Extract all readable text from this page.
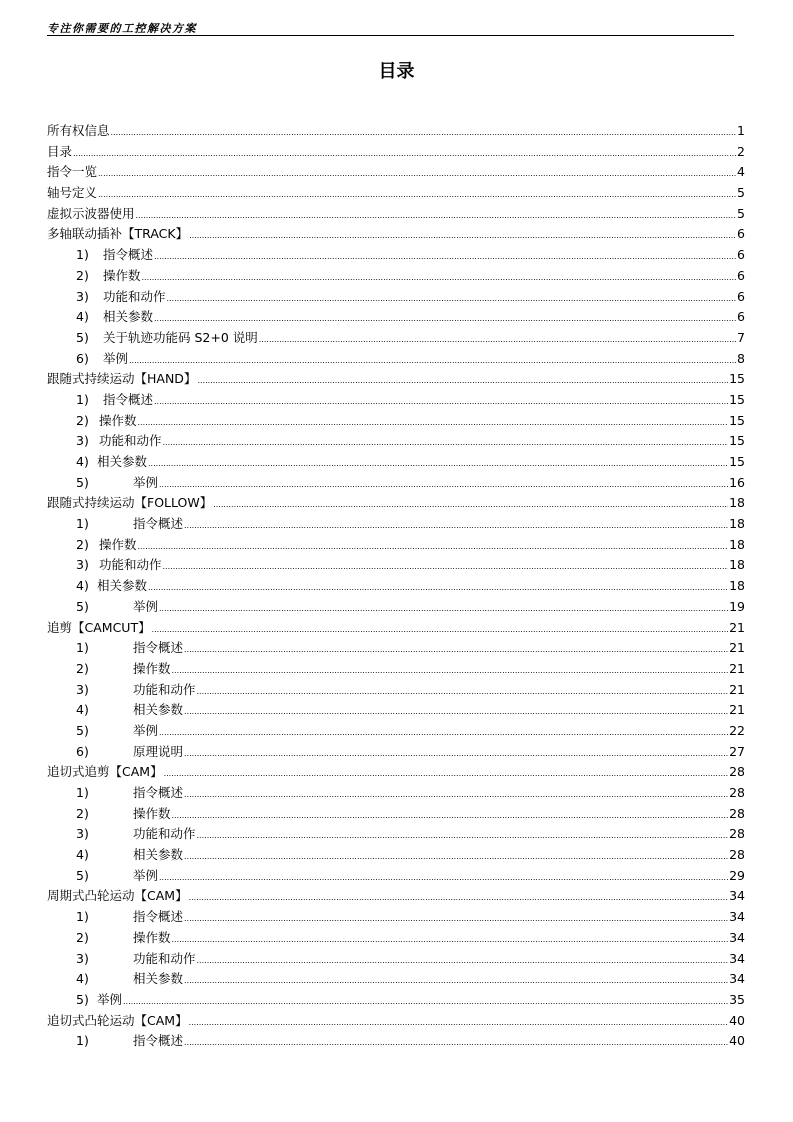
专注你需要的工控解决方案
目录
所有权信息 .....	1
目录 .....	2
指令一览 .....	4
轴号定义 .....	5
虚拟示波器使用 .....	5
多轴联动插补【TRACK】 .....	6
1)	指令概述 .....	6
2)	操作数 .....	6
3)	功能和动作 .....	6
4)	相关参数 .....	6
5)	关于轨迹功能码 S2+0 说明 .....	7
6)	举例 .....	8
跟随式持续运动【HAND】 .....	15
1)	指令概述 .....	15
2) 操作数 .....	15
3) 功能和动作 .....	15
4) 相关参数 .....	15
5)	举例 .....	16
跟随式持续运动【FOLLOW】 .....	18
1)	指令概述 .....	18
2) 操作数 .....	18
3) 功能和动作 .....	18
4) 相关参数 .....	18
5)	举例 .....	19
追剪【CAMCUT】 .....	21
1)	指令概述 .....	21
2)	操作数 .....	21
3)	功能和动作 .....	21
4)	相关参数 .....	21
5)	举例 .....	22
6)	原理说明 .....	27
追切式追剪【CAM】 .....	28
1)	指令概述 .....	28
2)	操作数 .....	28
3)	功能和动作 .....	28
4)	相关参数 .....	28
5)	举例 .....	29
周期式凸轮运动【CAM】 .....	34
1)	指令概述 .....	34
2)	操作数 .....	34
3)	功能和动作 .....	34
4)	相关参数 .....	34
5) 举例 .....	35
追切式凸轮运动【CAM】 .....	40
1)	指令概述 .....	40
